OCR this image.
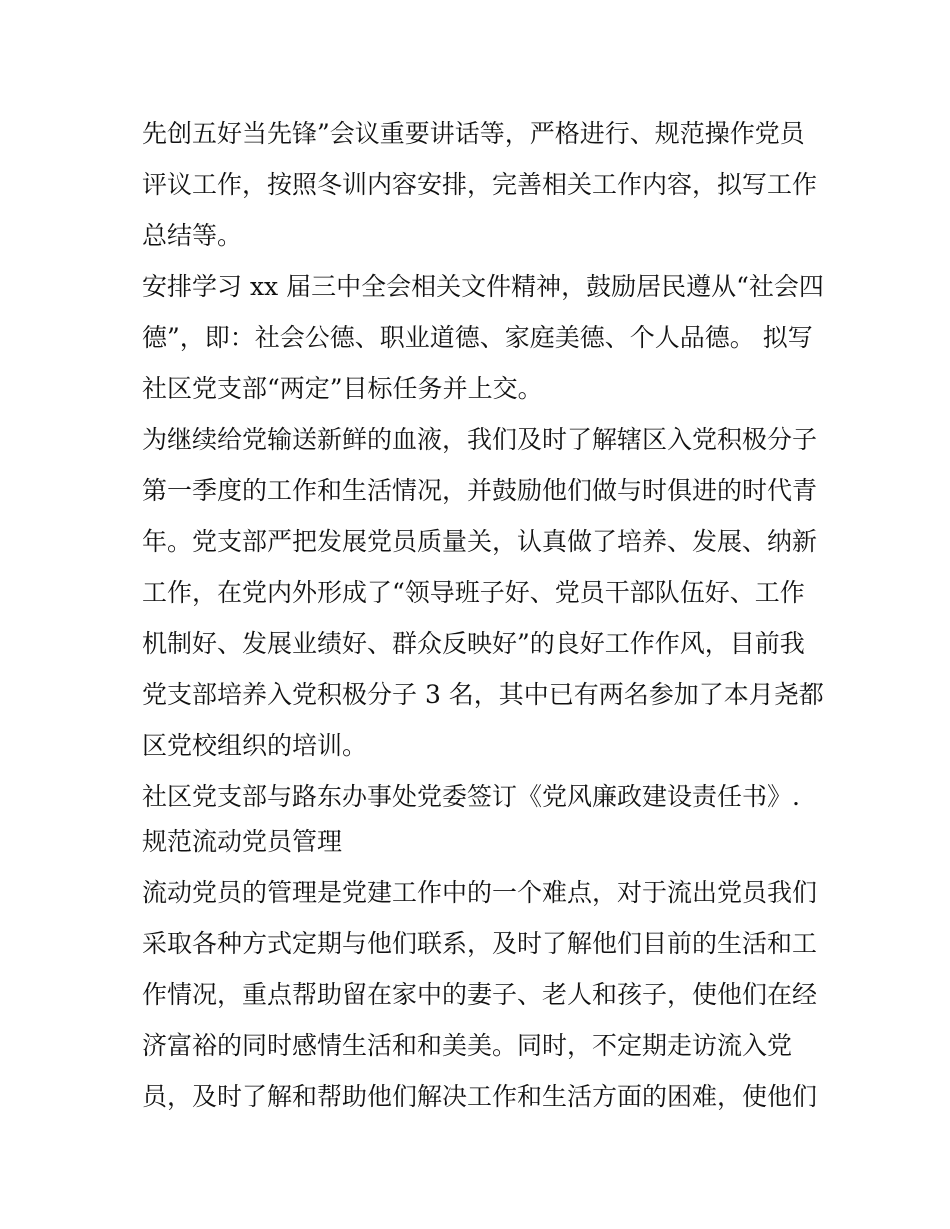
先创五好当先锋”会议重要讲话等，严格进行、规范操作党员
评议工作，按照冬训内容安排，完善相关工作内容，拟写工作
总结等。
安排学习 xx 届三中全会相关文件精神，鼓励居民遵从“社会四
德”，即：社会公德、职业道德、家庭美德、个人品德。 拟写
社区党支部“两定”目标任务并上交。
为继续给党输送新鲜的血液，我们及时了解辖区入党积极分子
第一季度的工作和生活情况，并鼓励他们做与时俱进的时代青
年。党支部严把发展党员质量关，认真做了培养、发展、纳新
工作，在党内外形成了“领导班子好、党员干部队伍好、工作
机制好、发展业绩好、群众反映好”的良好工作作风，目前我
党支部培养入党积极分子 3 名，其中已有两名参加了本月尧都
区党校组织的培训。
社区党支部与路东办事处党委签订《党风廉政建设责任书》.
规范流动党员管理
流动党员的管理是党建工作中的一个难点，对于流出党员我们
采取各种方式定期与他们联系，及时了解他们目前的生活和工
作情况，重点帮助留在家中的妻子、老人和孩子，使他们在经
济富裕的同时感情生活和和美美。同时，不定期走访流入党
员，及时了解和帮助他们解决工作和生活方面的困难，使他们
